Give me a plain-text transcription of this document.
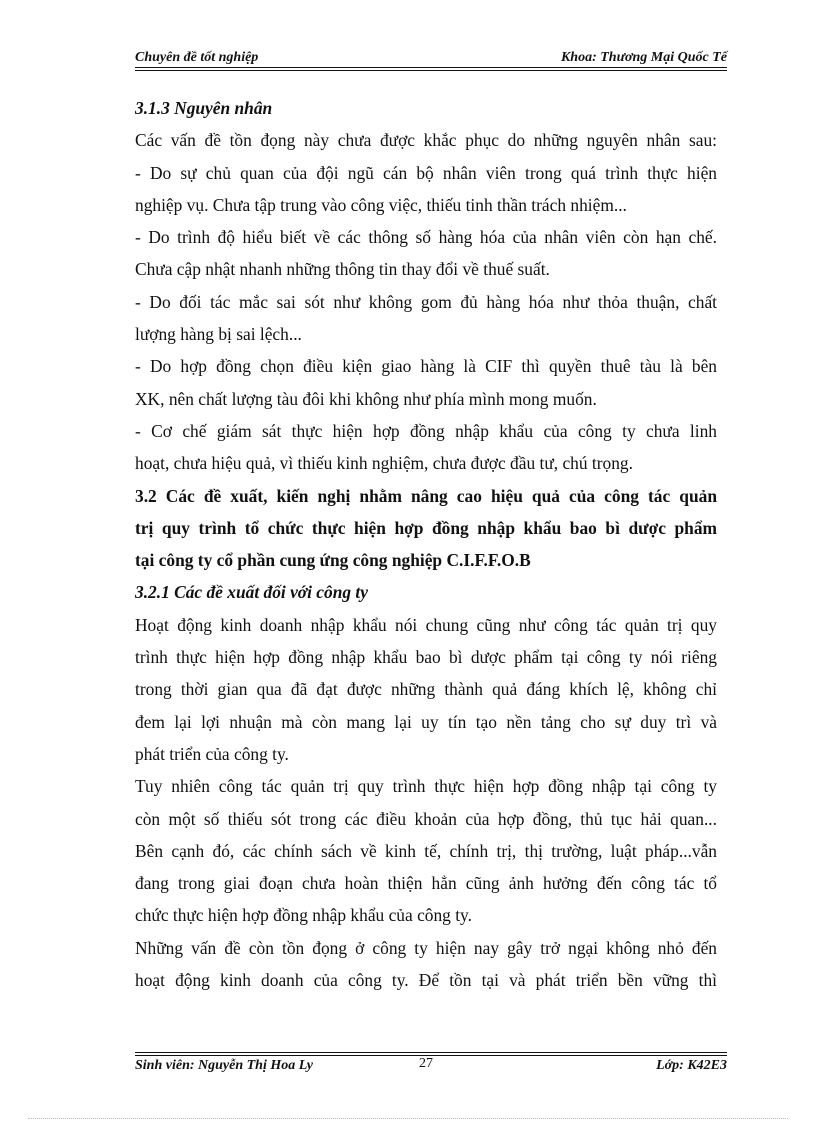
Chuyên đề tốt nghiệp	Khoa: Thương Mại Quốc Tế
3.1.3 Nguyên nhân
Các vấn đề tồn đọng này chưa được khắc phục do những nguyên nhân sau:
- Do sự chủ quan của đội ngũ cán bộ nhân viên trong quá trình thực hiện
nghiệp vụ. Chưa tập trung vào công việc, thiếu tinh thần trách nhiệm...
- Do trình độ hiểu biết về các thông số hàng hóa của nhân viên còn hạn chế.
Chưa cập nhật nhanh những thông tin thay đổi về thuế suất.
- Do đối tác mắc sai sót như không gom đủ hàng hóa như thỏa thuận, chất
lượng hàng bị sai lệch...
- Do hợp đồng chọn điều kiện giao hàng là CIF thì quyền thuê tàu là bên
XK, nên chất lượng tàu đôi khi không như phía mình mong muốn.
- Cơ chế giám sát thực hiện hợp đồng nhập khẩu của công ty chưa linh
hoạt, chưa hiệu quả, vì thiếu kinh nghiệm, chưa được đầu tư, chú trọng.
3.2 Các đề xuất, kiến nghị nhằm nâng cao hiệu quả của công tác quản
trị quy trình tổ chức thực hiện hợp đồng nhập khẩu bao bì dược phẩm
tại công ty cổ phần cung ứng công nghiệp C.I.F.F.O.B
3.2.1 Các đề xuất đối với công ty
Hoạt động kinh doanh nhập khẩu nói chung cũng như công tác quản trị quy
trình thực hiện hợp đồng nhập khẩu bao bì dược phẩm tại công ty nói riêng
trong thời gian qua đã đạt được những thành quả đáng khích lệ, không chỉ
đem lại lợi nhuận mà còn mang lại uy tín tạo nền tảng cho sự duy trì và
phát triển của công ty.
Tuy nhiên công tác quản trị quy trình thực hiện hợp đồng nhập tại công ty
còn một số thiếu sót trong các điều khoản của hợp đồng, thủ tục hải quan...
Bên cạnh đó, các chính sách về kinh tế, chính trị, thị trường, luật pháp...vẫn
đang trong giai đoạn chưa hoàn thiện hẳn cũng ảnh hưởng đến công tác tổ
chức thực hiện hợp đồng nhập khẩu của công ty.
Những vấn đề còn tồn đọng ở công ty hiện nay gây trở ngại không nhỏ đến
hoạt động kinh doanh của công ty. Để tồn tại và phát triển bền vững thì
Sinh viên: Nguyễn Thị Hoa Ly	27	Lớp: K42E3
